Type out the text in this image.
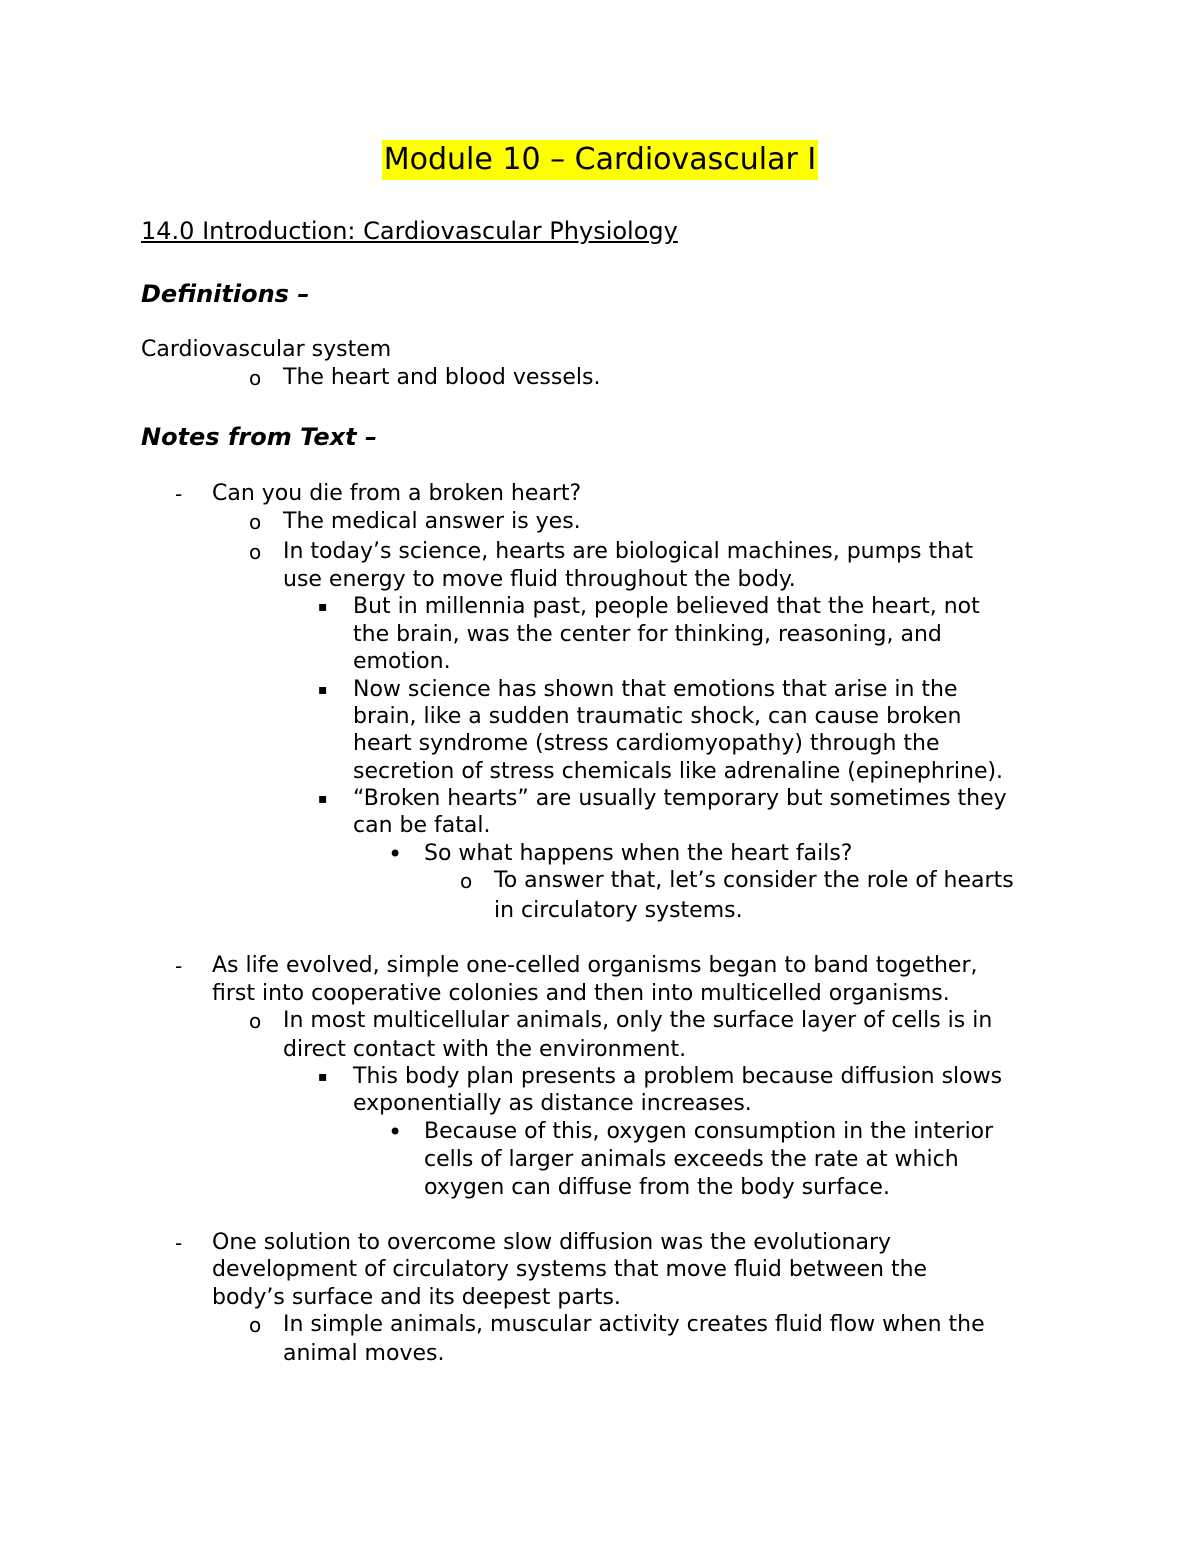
Module 10 – Cardiovascular I
14.0 Introduction: Cardiovascular Physiology
Definitions –
Cardiovascular system
o The heart and blood vessels.
Notes from Text –
- Can you die from a broken heart?
o The medical answer is yes.
o In today’s science, hearts are biological machines, pumps that
use energy to move fluid throughout the body.
▪ But in millennia past, people believed that the heart, not
the brain, was the center for thinking, reasoning, and
emotion.
▪ Now science has shown that emotions that arise in the
brain, like a sudden traumatic shock, can cause broken
heart syndrome (stress cardiomyopathy) through the
secretion of stress chemicals like adrenaline (epinephrine).
▪ “Broken hearts” are usually temporary but sometimes they
can be fatal.
• So what happens when the heart fails?
o To answer that, let’s consider the role of hearts
in circulatory systems.
- As life evolved, simple one-celled organisms began to band together,
first into cooperative colonies and then into multicelled organisms.
o In most multicellular animals, only the surface layer of cells is in
direct contact with the environment.
▪ This body plan presents a problem because diffusion slows
exponentially as distance increases.
• Because of this, oxygen consumption in the interior
cells of larger animals exceeds the rate at which
oxygen can diffuse from the body surface.
- One solution to overcome slow diffusion was the evolutionary
development of circulatory systems that move fluid between the
body’s surface and its deepest parts.
o In simple animals, muscular activity creates fluid flow when the
animal moves.
